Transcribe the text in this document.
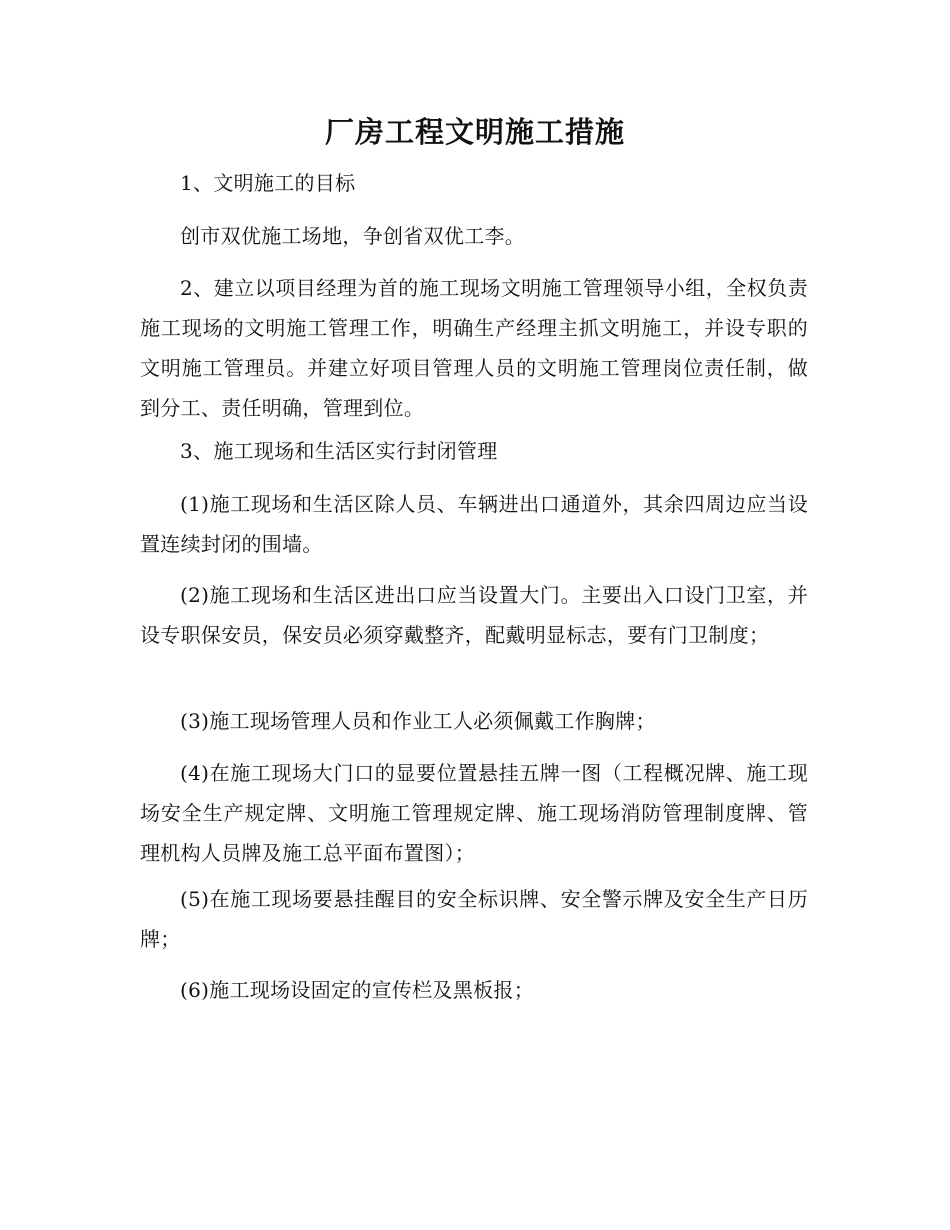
厂房工程文明施工措施

1、文明施工的目标

创市双优施工场地，争创省双优工李。

2、建立以项目经理为首的施工现场文明施工管理领导小组，全权负责施工现场的文明施工管理工作，明确生产经理主抓文明施工，并设专职的文明施工管理员。并建立好项目管理人员的文明施工管理岗位责任制，做到分工、责任明确，管理到位。

3、施工现场和生活区实行封闭管理

(1)施工现场和生活区除人员、车辆进出口通道外，其余四周边应当设置连续封闭的围墙。

(2)施工现场和生活区进出口应当设置大门。主要出入口设门卫室，并设专职保安员，保安员必须穿戴整齐，配戴明显标志，要有门卫制度；

(3)施工现场管理人员和作业工人必须佩戴工作胸牌；

(4)在施工现场大门口的显要位置悬挂五牌一图（工程概况牌、施工现场安全生产规定牌、文明施工管理规定牌、施工现场消防管理制度牌、管理机构人员牌及施工总平面布置图）；

(5)在施工现场要悬挂醒目的安全标识牌、安全警示牌及安全生产日历牌；

(6)施工现场设固定的宣传栏及黑板报；
